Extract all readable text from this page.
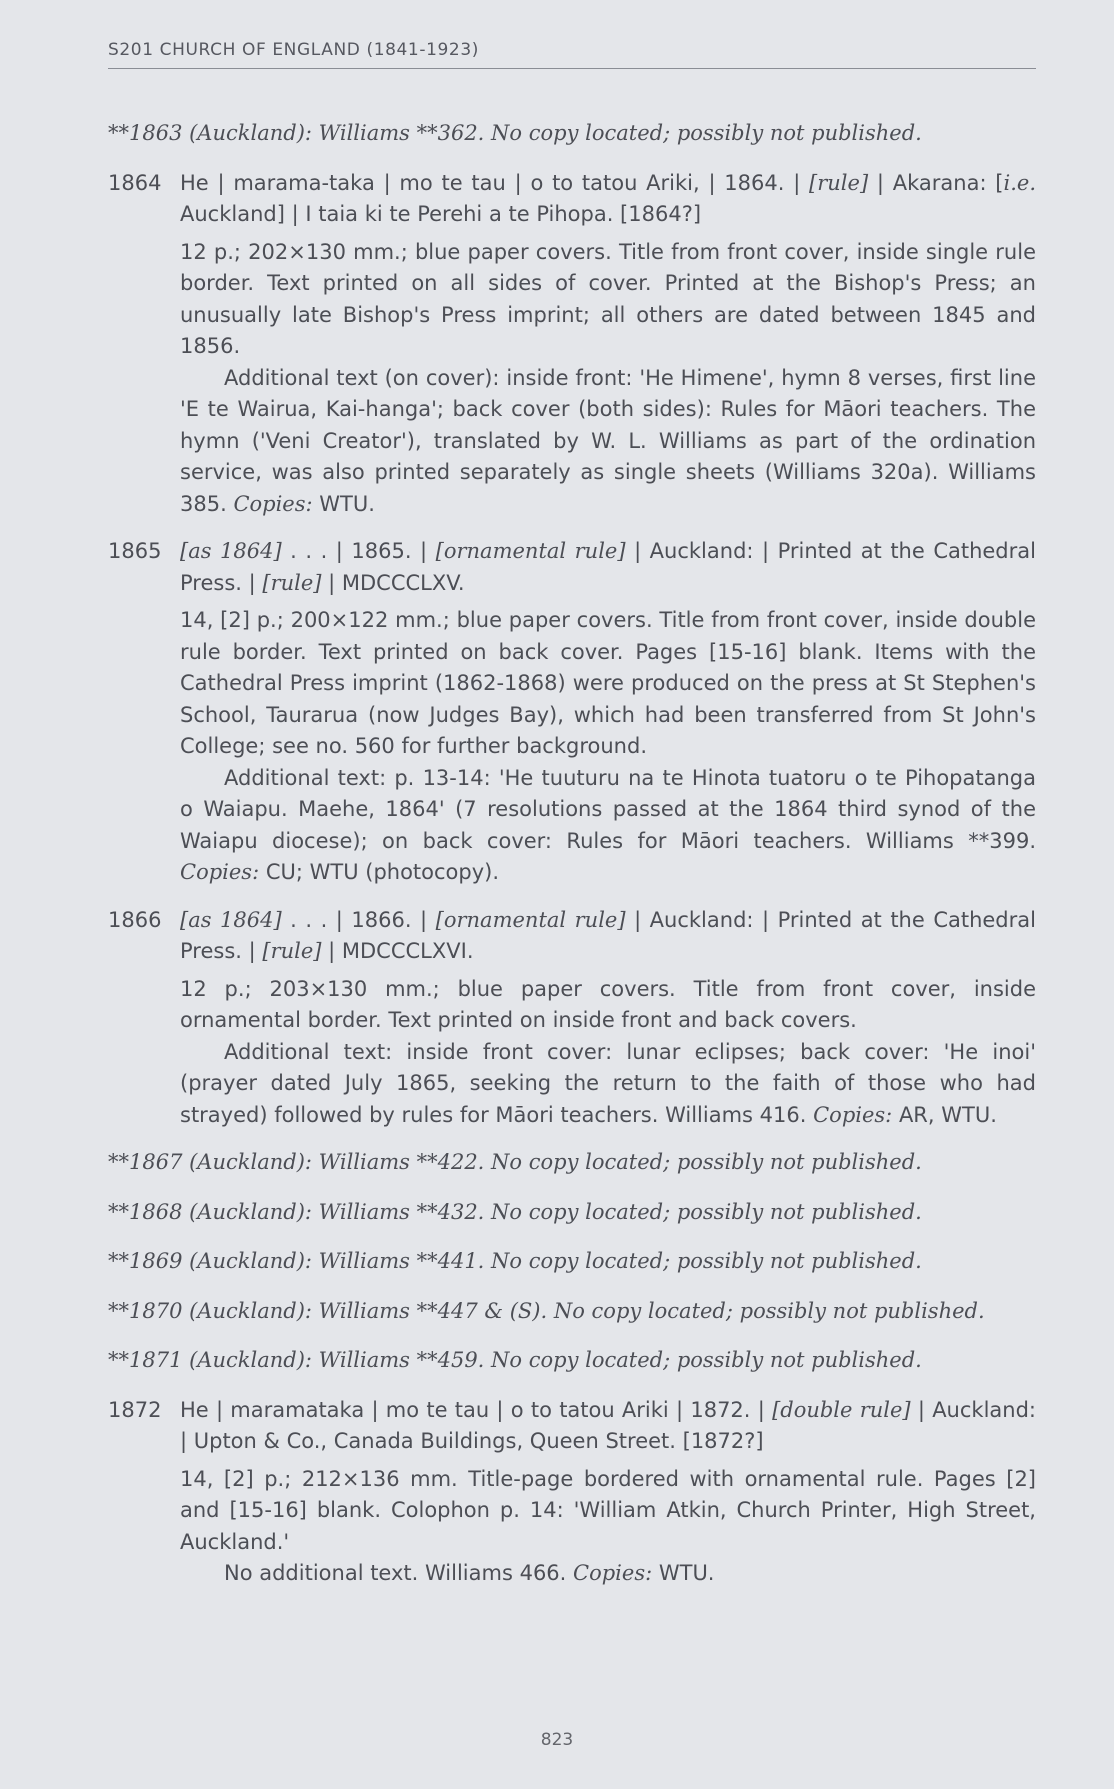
S201 CHURCH OF ENGLAND (1841-1923)

**1863 (Auckland): Williams **362. No copy located; possibly not published.

1864 He | marama-taka | mo te tau | o to tatou Ariki, | 1864. | [rule] | Akarana: [i.e. Auckland] | I taia ki te Perehi a te Pihopa. [1864?]

12 p.; 202×130 mm.; blue paper covers. Title from front cover, inside single rule border. Text printed on all sides of cover. Printed at the Bishop's Press; an unusually late Bishop's Press imprint; all others are dated between 1845 and 1856.

Additional text (on cover): inside front: 'He Himene', hymn 8 verses, first line 'E te Wairua, Kai-hanga'; back cover (both sides): Rules for Māori teachers. The hymn ('Veni Creator'), translated by W. L. Williams as part of the ordination service, was also printed separately as single sheets (Williams 320a). Williams 385. Copies: WTU.

1865 [as 1864] . . . | 1865. | [ornamental rule] | Auckland: | Printed at the Cathedral Press. | [rule] | MDCCCLXV.

14, [2] p.; 200×122 mm.; blue paper covers. Title from front cover, inside double rule border. Text printed on back cover. Pages [15-16] blank. Items with the Cathedral Press imprint (1862-1868) were produced on the press at St Stephen's School, Taurarua (now Judges Bay), which had been transferred from St John's College; see no. 560 for further background.

Additional text: p. 13-14: 'He tuuturu na te Hinota tuatoru o te Pihopatanga o Waiapu. Maehe, 1864' (7 resolutions passed at the 1864 third synod of the Waiapu diocese); on back cover: Rules for Māori teachers. Williams **399. Copies: CU; WTU (photocopy).

1866 [as 1864] . . . | 1866. | [ornamental rule] | Auckland: | Printed at the Cathedral Press. | [rule] | MDCCCLXVI.

12 p.; 203×130 mm.; blue paper covers. Title from front cover, inside ornamental border. Text printed on inside front and back covers.

Additional text: inside front cover: lunar eclipses; back cover: 'He inoi' (prayer dated July 1865, seeking the return to the faith of those who had strayed) followed by rules for Māori teachers. Williams 416. Copies: AR, WTU.

**1867 (Auckland): Williams **422. No copy located; possibly not published.

**1868 (Auckland): Williams **432. No copy located; possibly not published.

**1869 (Auckland): Williams **441. No copy located; possibly not published.

**1870 (Auckland): Williams **447 & (S). No copy located; possibly not published.

**1871 (Auckland): Williams **459. No copy located; possibly not published.

1872 He | maramataka | mo te tau | o to tatou Ariki | 1872. | [double rule] | Auckland: | Upton & Co., Canada Buildings, Queen Street. [1872?]

14, [2] p.; 212×136 mm. Title-page bordered with ornamental rule. Pages [2] and [15-16] blank. Colophon p. 14: 'William Atkin, Church Printer, High Street, Auckland.'

No additional text. Williams 466. Copies: WTU.

823
